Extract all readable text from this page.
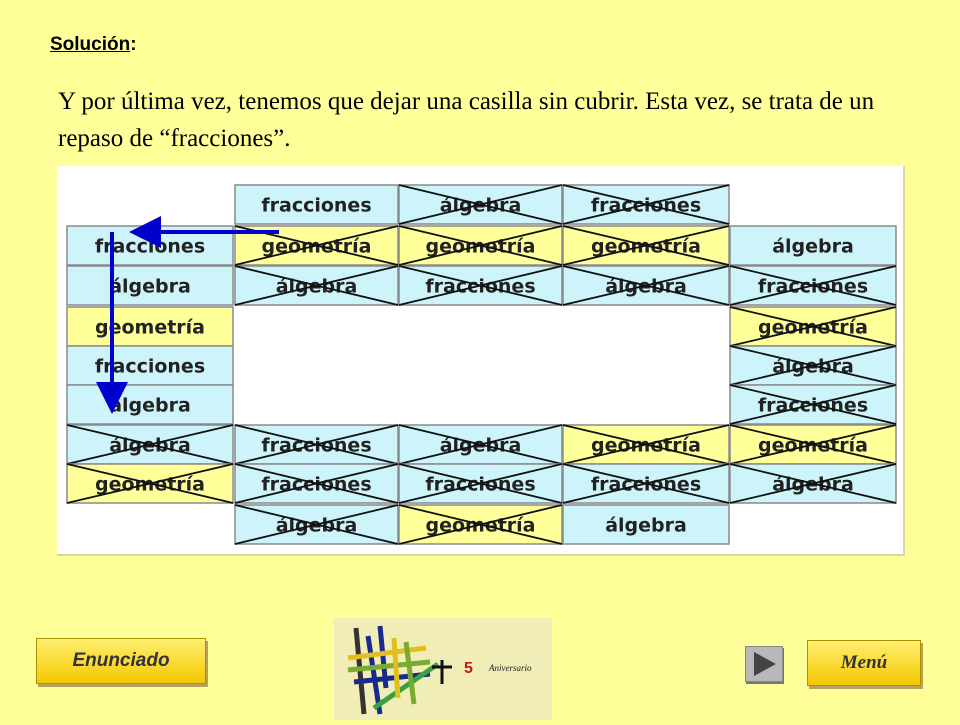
Solución:
Y por última vez, tenemos que dejar una casilla sin cubrir. Esta vez, se trata de un repaso de “fracciones”.
fracciones	álgebra	fracciones
fracciones	geometría	geometría	geometría	álgebra
álgebra	álgebra	fracciones	álgebra	fracciones
geometría	geometría
fracciones	álgebra
álgebra	fracciones
álgebra	fracciones	álgebra	geometría	geometría
geometría	fracciones	fracciones	fracciones	álgebra
álgebra	geometría	álgebra
Enunciado	5 Aniversario	Menú
